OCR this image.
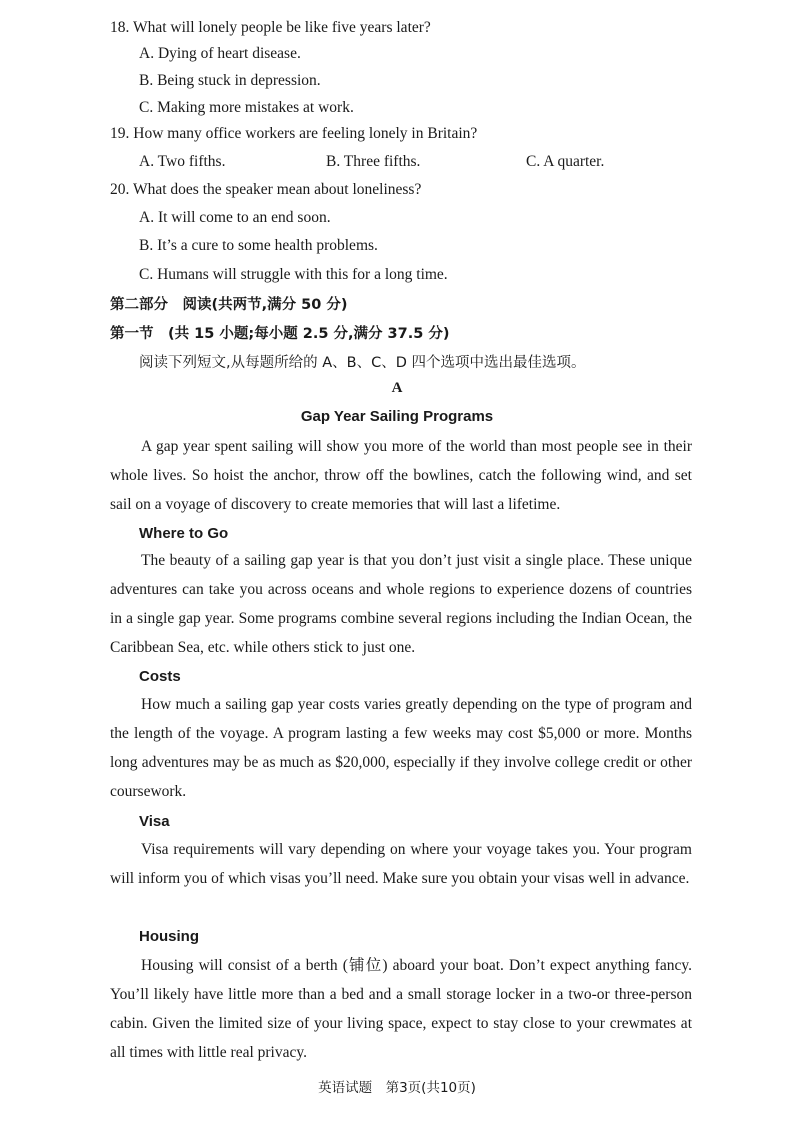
18. What will lonely people be like five years later?
A. Dying of heart disease.
B. Being stuck in depression.
C. Making more mistakes at work.
19. How many office workers are feeling lonely in Britain?
A. Two fifths.	B. Three fifths.	C. A quarter.
20. What does the speaker mean about loneliness?
A. It will come to an end soon.
B. It’s a cure to some health problems.
C. Humans will struggle with this for a long time.
第二部分　阅读(共两节,满分 50 分)
第一节　(共 15 小题;每小题 2.5 分,满分 37.5 分)
阅读下列短文,从每题所给的 A、B、C、D 四个选项中选出最佳选项。
A
Gap Year Sailing Programs
A gap year spent sailing will show you more of the world than most people see in their whole lives. So hoist the anchor, throw off the bowlines, catch the following wind, and set sail on a voyage of discovery to create memories that will last a lifetime.
Where to Go
The beauty of a sailing gap year is that you don’t just visit a single place. These unique adventures can take you across oceans and whole regions to experience dozens of countries in a single gap year. Some programs combine several regions including the Indian Ocean, the Caribbean Sea, etc. while others stick to just one.
Costs
How much a sailing gap year costs varies greatly depending on the type of program and the length of the voyage. A program lasting a few weeks may cost $5,000 or more. Months long adventures may be as much as $20,000, especially if they involve college credit or other coursework.
Visa
Visa requirements will vary depending on where your voyage takes you. Your program will inform you of which visas you’ll need. Make sure you obtain your visas well in advance.
Housing
Housing will consist of a berth (铺位) aboard your boat. Don’t expect anything fancy. You’ll likely have little more than a bed and a small storage locker in a two-or three-person cabin. Given the limited size of your living space, expect to stay close to your crewmates at all times with little real privacy.
英语试题　第3页(共10页)
